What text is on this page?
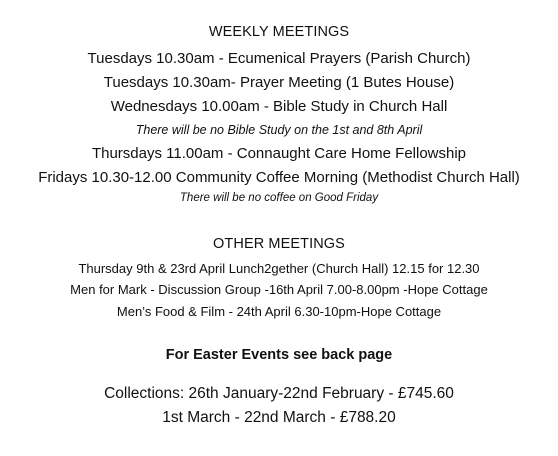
WEEKLY MEETINGS
Tuesdays 10.30am - Ecumenical Prayers (Parish Church)
Tuesdays 10.30am- Prayer Meeting (1 Butes House)
Wednesdays 10.00am - Bible Study in Church Hall
There will be no Bible Study on the 1st and 8th April
Thursdays 11.00am - Connaught Care Home Fellowship
Fridays 10.30-12.00 Community Coffee Morning (Methodist Church Hall)
There will be no coffee on Good Friday
OTHER MEETINGS
Thursday 9th & 23rd April Lunch2gether (Church Hall) 12.15 for 12.30
Men for Mark - Discussion Group -16th April 7.00-8.00pm -Hope Cottage
Men’s Food & Film - 24th April 6.30-10pm-Hope Cottage
For Easter Events see back page
Collections: 26th January-22nd February - £745.60
1st March - 22nd March - £788.20
